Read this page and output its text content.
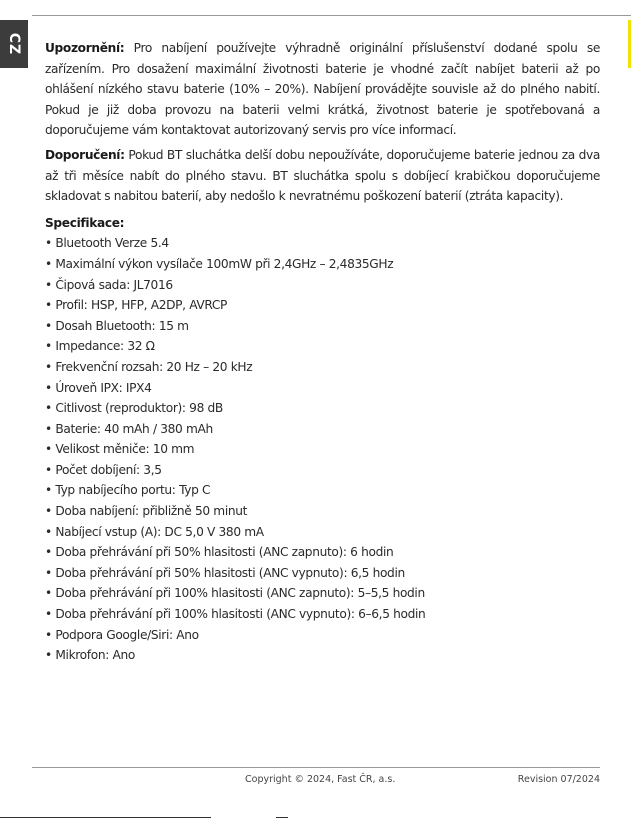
CZ Upozornění: Pro nabíjení používejte výhradně originální příslušenství dodané spolu se zařízením. Pro dosažení maximální životnosti baterie je vhodné začít nabíjet baterii až po ohlášení nízkého stavu baterie (10% – 20%). Nabíjení provádějte souvisle až do plného nabití. Pokud je již doba provozu na baterii velmi krátká, životnost baterie je spotřebovaná a doporučujeme vám kontaktovat autorizovaný servis pro více informací.

Doporučení: Pokud BT sluchátka delší dobu nepoužíváte, doporučujeme baterie jednou za dva až tři měsíce nabít do plného stavu. BT sluchátka spolu s dobíjecí krabičkou doporučujeme skladovat s nabitou baterií, aby nedošlo k nevratnému poškození baterií (ztráta kapacity).

Specifikace:
• Bluetooth Verze 5.4
• Maximální výkon vysílače 100mW při 2,4GHz – 2,4835GHz
• Čipová sada: JL7016
• Profil: HSP, HFP, A2DP, AVRCP
• Dosah Bluetooth: 15 m
• Impedance: 32 Ω
• Frekvenční rozsah: 20 Hz – 20 kHz
• Úroveň IPX: IPX4
• Citlivost (reproduktor): 98 dB
• Baterie: 40 mAh / 380 mAh
• Velikost měniče: 10 mm
• Počet dobíjení: 3,5
• Typ nabíjecího portu: Typ C
• Doba nabíjení: přibližně 50 minut
• Nabíjecí vstup (A): DC 5,0 V 380 mA
• Doba přehrávání při 50% hlasitosti (ANC zapnuto): 6 hodin
• Doba přehrávání při 50% hlasitosti (ANC vypnuto): 6,5 hodin
• Doba přehrávání při 100% hlasitosti (ANC zapnuto): 5–5,5 hodin
• Doba přehrávání při 100% hlasitosti (ANC vypnuto): 6–6,5 hodin
• Podpora Google/Siri: Ano
• Mikrofon: Ano
Copyright © 2024, Fast ČR, a.s.	Revision 07/2024
